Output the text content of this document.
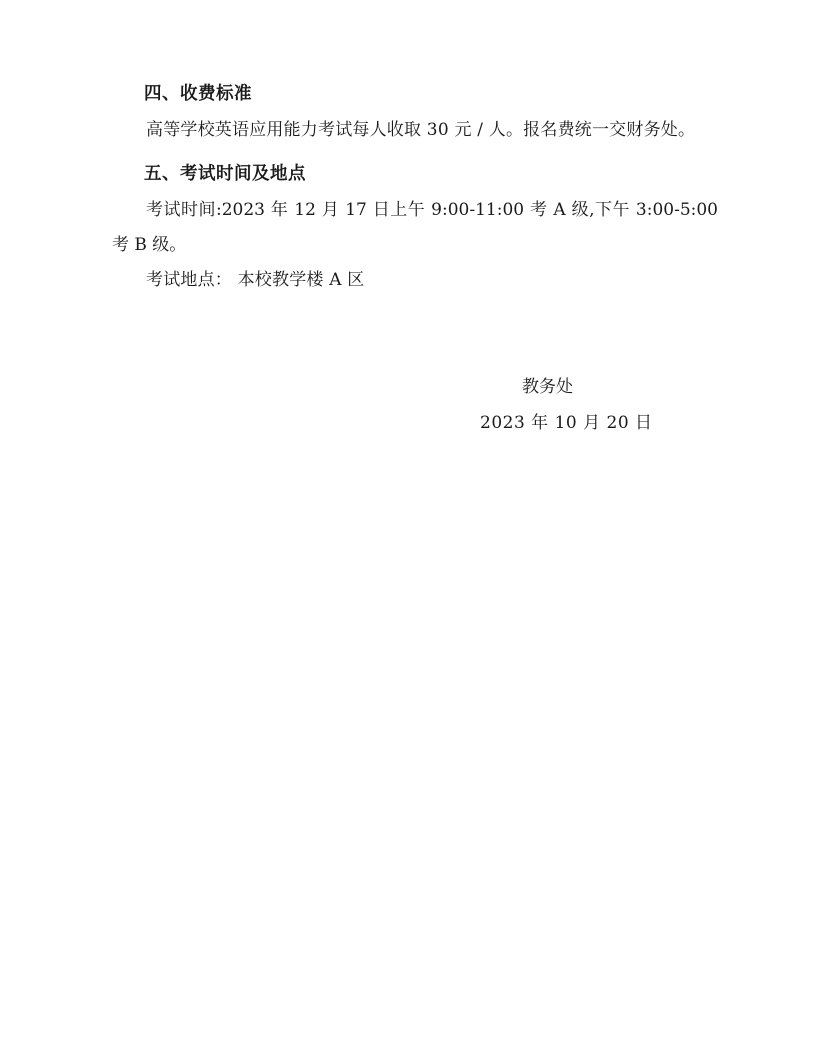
四、收费标准

高等学校英语应用能力考试每人收取 30 元 / 人。报名费统一交财务处。

五、考试时间及地点

考试时间:2023 年 12 月 17 日上午 9:00-11:00 考 A 级,下午 3:00-5:00 考 B 级。

考试地点： 本校教学楼 A 区

教务处

2023 年 10 月 20 日
